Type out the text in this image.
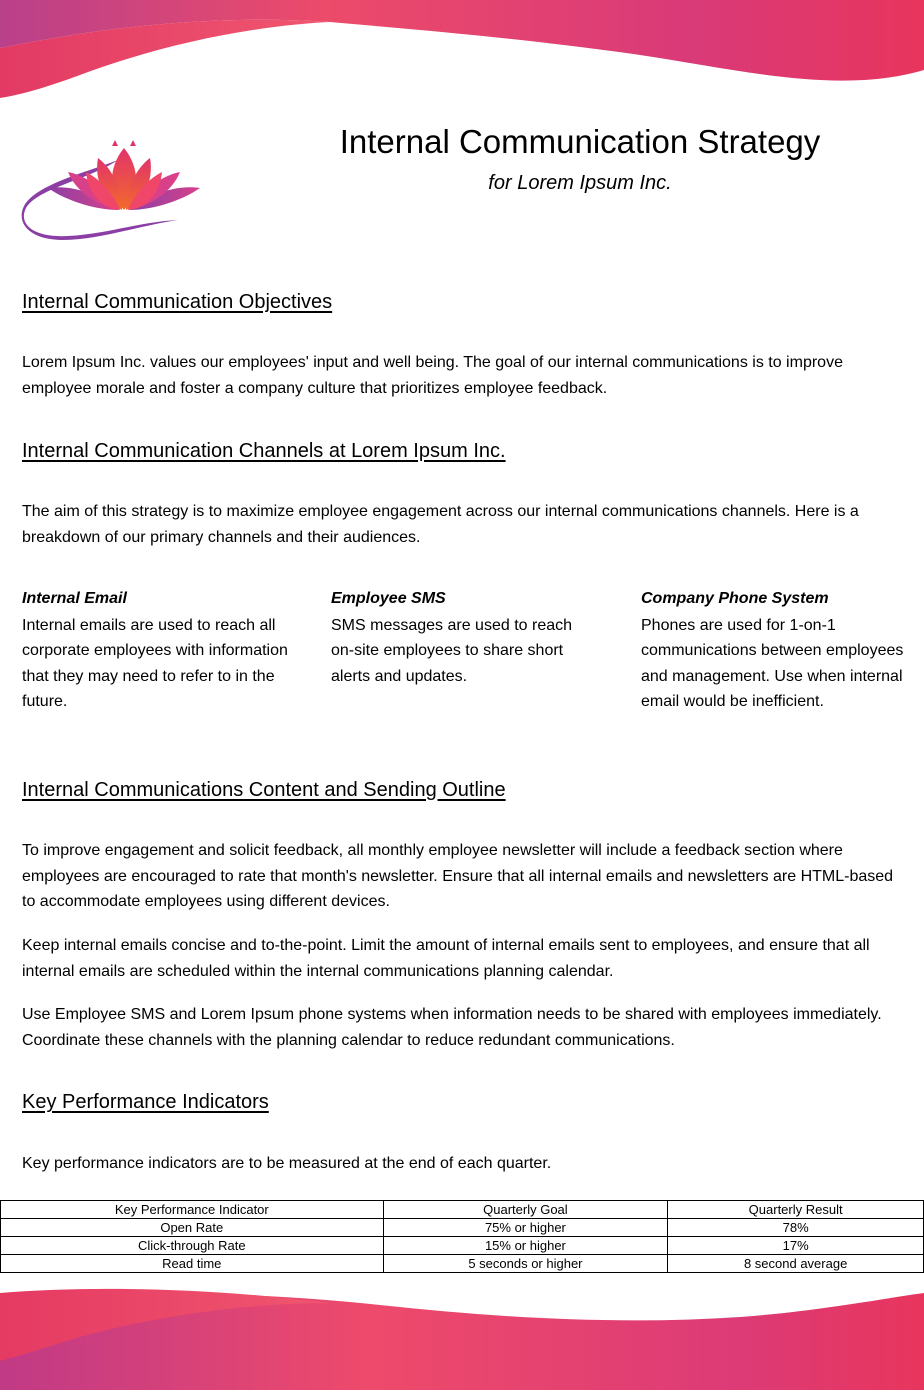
Internal Communication Strategy

for Lorem Ipsum Inc.

Internal Communication Objectives

Lorem Ipsum Inc. values our employees' input and well being. The goal of our internal communications is to improve employee morale and foster a company culture that prioritizes employee feedback.

Internal Communication Channels at Lorem Ipsum Inc.

The aim of this strategy is to maximize employee engagement across our internal communications channels. Here is a breakdown of our primary channels and their audiences.

Internal Email

Internal emails are used to reach all corporate employees with information that they may need to refer to in the future.

Employee SMS

SMS messages are used to reach on-site employees to share short alerts and updates.

Company Phone System

Phones are used for 1-on-1 communications between employees and management. Use when internal email would be inefficient.

Internal Communications Content and Sending Outline

To improve engagement and solicit feedback, all monthly employee newsletter will include a feedback section where employees are encouraged to rate that month's newsletter. Ensure that all internal emails and newsletters are HTML-based to accommodate employees using different devices.

Keep internal emails concise and to-the-point. Limit the amount of internal emails sent to employees, and ensure that all internal emails are scheduled within the internal communications planning calendar.

Use Employee SMS and Lorem Ipsum phone systems when information needs to be shared with employees immediately. Coordinate these channels with the planning calendar to reduce redundant communications.

Key Performance Indicators

Key performance indicators are to be measured at the end of each quarter.

Key Performance Indicator	Quarterly Goal	Quarterly Result
Open Rate	75% or higher	78%
Click-through Rate	15% or higher	17%
Read time	5 seconds or higher	8 second average
